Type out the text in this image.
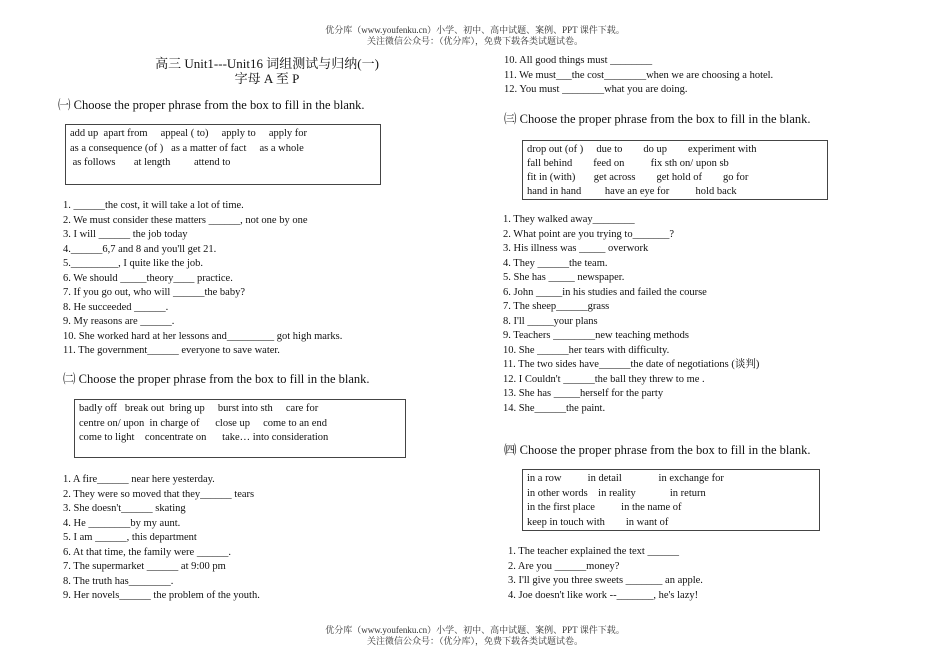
优分库（www.youfenku.cn）小学、初中、高中试题、案例、PPT 课件下载。
关注微信公众号：（优分库），免费下载各类试题试卷。
高三 Unit1---Unit16 词组测试与归纳(一)
字母 A 至 P
㈠ Choose the proper phrase from the box to fill in the blank.
add up  apart from     appeal ( to)     apply to     apply for
as a consequence (of )   as a matter of fact     as a whole
as follows       at length         attend to
1. ______the cost, it will take a lot of time.
2. We must consider these matters ______, not one by one
3. I will ______ the job today
4.______6,7 and 8 and you'll get 21.
5._________, I quite like the job.
6. We should _____theory____ practice.
7. If you go out, who will ______the baby?
8. He succeeded ______.
9. My reasons are ______.
10. She worked hard at her lessons and_________ got high marks.
11. The government______ everyone to save water.
㈡ Choose the proper phrase from the box to fill in the blank.
badly off   break out  bring up     burst into sth     care for
centre on/ upon  in charge of      close up     come to an end
come to light    concentrate on      take… into consideration
1. A fire______ near here yesterday.
2. They were so moved that they______ tears
3. She doesn't______ skating
4. He ________by my aunt.
5. I am ______, this department
6. At that time, the family were ______.
7. The supermarket ______ at 9:00 pm
8. The truth has________.
9. Her novels______ the problem of the youth.
10. All good things must ________
11. We must___the cost________when we are choosing a hotel.
12. You must ________what you are doing.
㈢ Choose the proper phrase from the box to fill in the blank.
drop out (of )     due to        do up        experiment with
fall behind        feed on          fix sth on/ upon sb
fit in (with)       get across        get hold of        go for
hand in hand         have an eye for          hold back
1. They walked away________
2. What point are you trying to_______?
3. His illness was _____ overwork
4. They ______the team.
5. She has _____ newspaper.
6. John _____in his studies and failed the course
7. The sheep______grass
8. I'll _____your plans
9. Teachers ________new teaching methods
10. She ______her tears with difficulty.
11. The two sides have______the date of negotiations (谈判)
12. I Couldn't ______the ball they threw to me .
13. She has _____herself for the party
14. She______the paint.
㈣ Choose the proper phrase from the box to fill in the blank.
in a row          in detail              in exchange for
in other words    in reality             in return
in the first place          in the name of
keep in touch with        in want of
1. The teacher explained the text ______
2. Are you ______money?
3. I'll give you three sweets _______ an apple.
4. Joe doesn't like work --_______, he's lazy!
优分库（www.youfenku.cn）小学、初中、高中试题、案例、PPT 课件下载。
关注微信公众号：（优分库），免费下载各类试题试卷。
